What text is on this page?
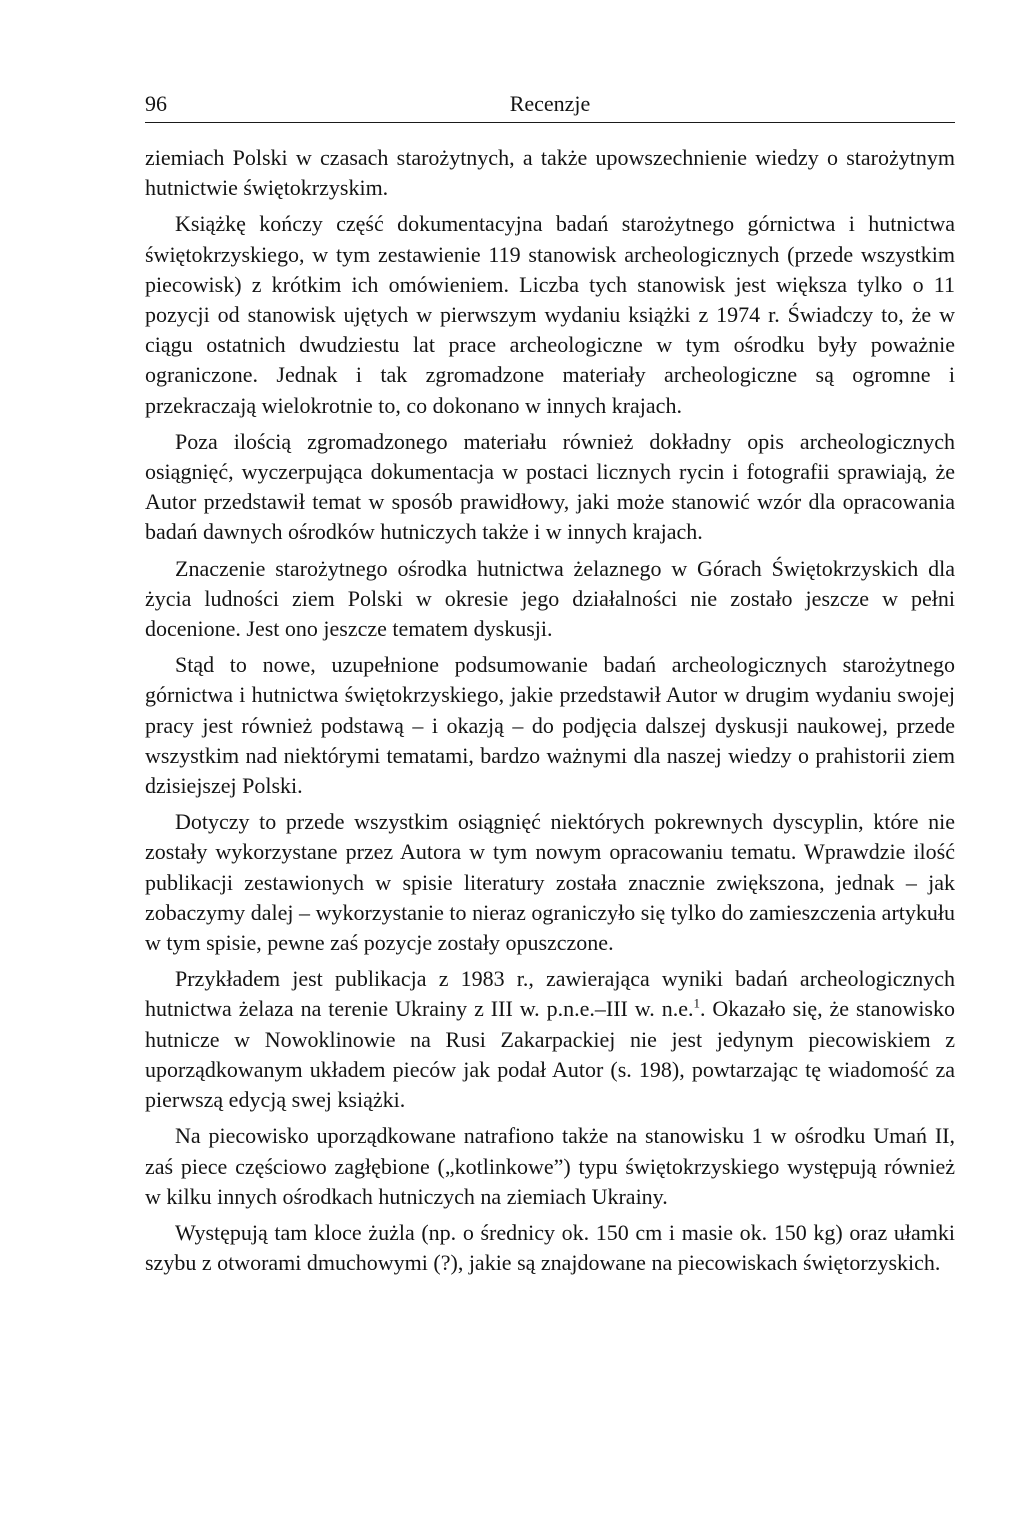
96	Recenzje

ziemiach Polski w czasach starożytnych, a także upowszechnienie wiedzy o starożytnym hutnictwie świętokrzyskim.

Książkę kończy część dokumentacyjna badań starożytnego górnictwa i hutnictwa świętokrzyskiego, w tym zestawienie 119 stanowisk archeologicznych (przede wszystkim piecowisk) z krótkim ich omówieniem. Liczba tych stanowisk jest większa tylko o 11 pozycji od stanowisk ujętych w pierwszym wydaniu książki z 1974 r. Świadczy to, że w ciągu ostatnich dwudziestu lat prace archeologiczne w tym ośrodku były poważnie ograniczone. Jednak i tak zgromadzone materiały archeologiczne są ogromne i przekraczają wielokrotnie to, co dokonano w innych krajach.

Poza ilością zgromadzonego materiału również dokładny opis archeologicznych osiągnięć, wyczerpująca dokumentacja w postaci licznych rycin i fotografii sprawiają, że Autor przedstawił temat w sposób prawidłowy, jaki może stanowić wzór dla opracowania badań dawnych ośrodków hutniczych także i w innych krajach.

Znaczenie starożytnego ośrodka hutnictwa żelaznego w Górach Świętokrzyskich dla życia ludności ziem Polski w okresie jego działalności nie zostało jeszcze w pełni docenione. Jest ono jeszcze tematem dyskusji.

Stąd to nowe, uzupełnione podsumowanie badań archeologicznych starożytnego górnictwa i hutnictwa świętokrzyskiego, jakie przedstawił Autor w drugim wydaniu swojej pracy jest również podstawą – i okazją – do podjęcia dalszej dyskusji naukowej, przede wszystkim nad niektórymi tematami, bardzo ważnymi dla naszej wiedzy o prahistorii ziem dzisiejszej Polski.

Dotyczy to przede wszystkim osiągnięć niektórych pokrewnych dyscyplin, które nie zostały wykorzystane przez Autora w tym nowym opracowaniu tematu. Wprawdzie ilość publikacji zestawionych w spisie literatury została znacznie zwiększona, jednak – jak zobaczymy dalej – wykorzystanie to nieraz ograniczyło się tylko do zamieszczenia artykułu w tym spisie, pewne zaś pozycje zostały opuszczone.

Przykładem jest publikacja z 1983 r., zawierająca wyniki badań archeologicznych hutnictwa żelaza na terenie Ukrainy z III w. p.n.e.–III w. n.e.$^1$. Okazało się, że stanowisko hutnicze w Nowoklinowie na Rusi Zakarpackiej nie jest jedynym piecowiskiem z uporządkowanym układem pieców jak podał Autor (s. 198), powtarzając tę wiadomość za pierwszą edycją swej książki.

Na piecowisko uporządkowane natrafiono także na stanowisku 1 w ośrodku Umań II, zaś piece częściowo zagłębione („kotlinkowe”) typu świętokrzyskiego występują również w kilku innych ośrodkach hutniczych na ziemiach Ukrainy.

Występują tam kloce żużla (np. o średnicy ok. 150 cm i masie ok. 150 kg) oraz ułamki szybu z otworami dmuchowymi (?), jakie są znajdowane na piecowiskach świętorzyskich.
